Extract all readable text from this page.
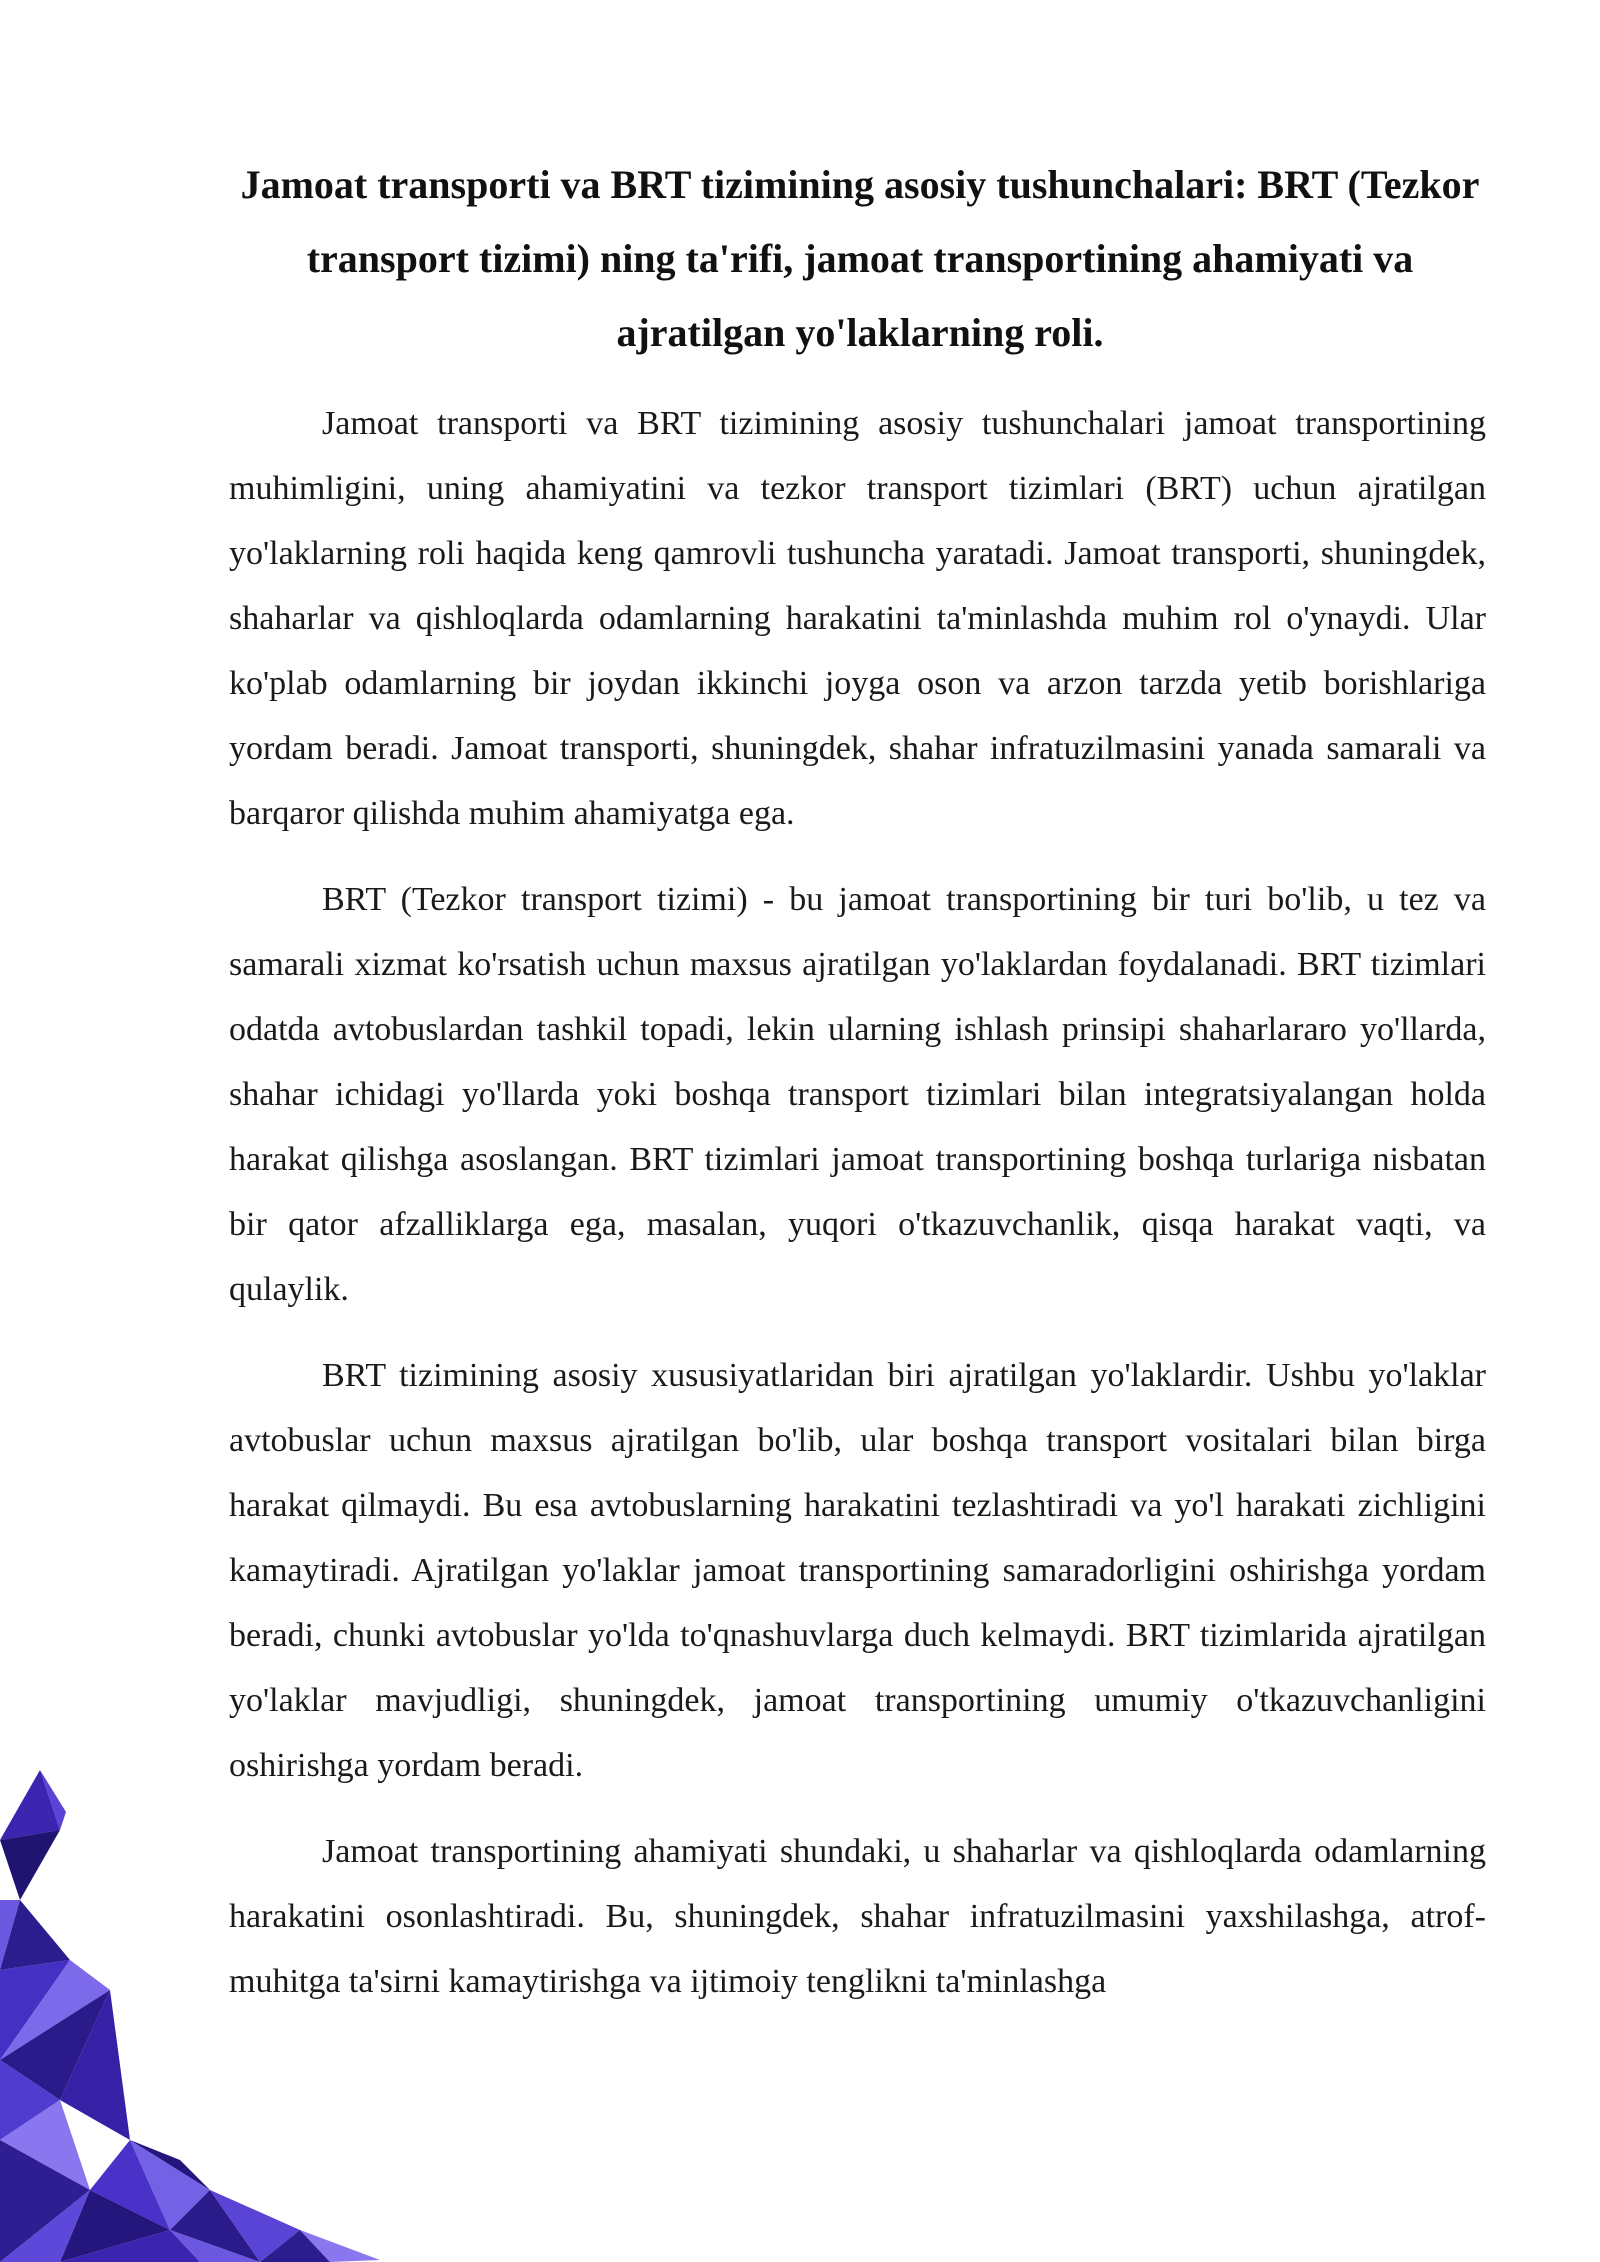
Jamoat transporti va BRT tizimining asosiy tushunchalari: BRT (Tezkor transport tizimi) ning ta'rifi, jamoat transportining ahamiyati va ajratilgan yo'laklarning roli.

Jamoat transporti va BRT tizimining asosiy tushunchalari jamoat transportining muhimligini, uning ahamiyatini va tezkor transport tizimlari (BRT) uchun ajratilgan yo'laklarning roli haqida keng qamrovli tushuncha yaratadi. Jamoat transporti, shuningdek, shaharlar va qishloqlarda odamlarning harakatini ta'minlashda muhim rol o'ynaydi. Ular ko'plab odamlarning bir joydan ikkinchi joyga oson va arzon tarzda yetib borishlariga yordam beradi. Jamoat transporti, shuningdek, shahar infratuzilmasini yanada samarali va barqaror qilishda muhim ahamiyatga ega.

BRT (Tezkor transport tizimi) - bu jamoat transportining bir turi bo'lib, u tez va samarali xizmat ko'rsatish uchun maxsus ajratilgan yo'laklardan foydalanadi. BRT tizimlari odatda avtobuslardan tashkil topadi, lekin ularning ishlash prinsipi shaharlararo yo'llarda, shahar ichidagi yo'llarda yoki boshqa transport tizimlari bilan integratsiyalangan holda harakat qilishga asoslangan. BRT tizimlari jamoat transportining boshqa turlariga nisbatan bir qator afzalliklarga ega, masalan, yuqori o'tkazuvchanlik, qisqa harakat vaqti, va qulaylik.

BRT tizimining asosiy xususiyatlaridan biri ajratilgan yo'laklardir. Ushbu yo'laklar avtobuslar uchun maxsus ajratilgan bo'lib, ular boshqa transport vositalari bilan birga harakat qilmaydi. Bu esa avtobuslarning harakatini tezlashtiradi va yo'l harakati zichligini kamaytiradi. Ajratilgan yo'laklar jamoat transportining samaradorligini oshirishga yordam beradi, chunki avtobuslar yo'lda to'qnashuvlarga duch kelmaydi. BRT tizimlarida ajratilgan yo'laklar mavjudligi, shuningdek, jamoat transportining umumiy o'tkazuvchanligini oshirishga yordam beradi.

Jamoat transportining ahamiyati shundaki, u shaharlar va qishloqlarda odamlarning harakatini osonlashtiradi. Bu, shuningdek, shahar infratuzilmasini yaxshilashga, atrof-muhitga ta'sirni kamaytirishga va ijtimoiy tenglikni ta'minlashga
